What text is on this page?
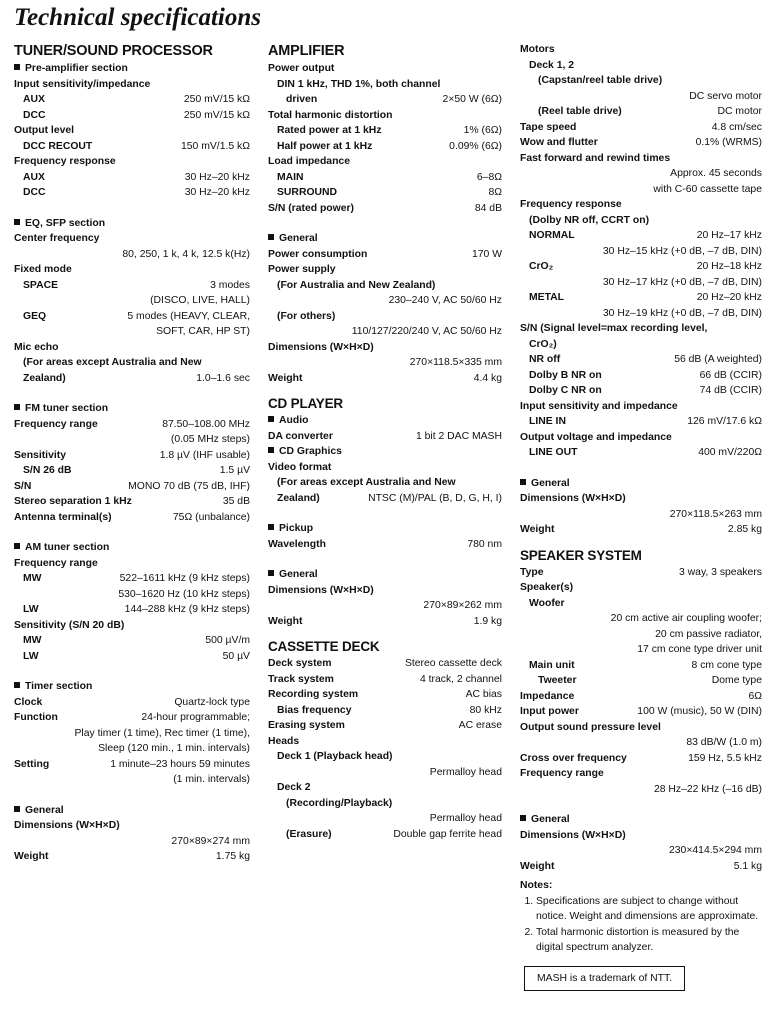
Technical specifications
TUNER/SOUND PROCESSOR
Pre-amplifier section
Input sensitivity/impedance
AUX	250 mV/15 kΩ
DCC	250 mV/15 kΩ
Output level
DCC RECOUT	150 mV/1.5 kΩ
Frequency response
AUX	30 Hz–20 kHz
DCC	30 Hz–20 kHz
EQ, SFP section
Center frequency
80, 250, 1 k, 4 k, 12.5 k(Hz)
Fixed mode
SPACE	3 modes
(DISCO, LIVE, HALL)
GEQ	5 modes (HEAVY, CLEAR,
SOFT, CAR, HP ST)
Mic echo
(For areas except Australia and New
Zealand)	1.0–1.6 sec
FM tuner section
Frequency range	87.50–108.00 MHz
(0.05 MHz steps)
Sensitivity	1.8 µV (IHF usable)
S/N 26 dB	1.5 µV
S/N	MONO 70 dB (75 dB, IHF)
Stereo separation 1 kHz	35 dB
Antenna terminal(s)	75Ω (unbalance)
AM tuner section
Frequency range
MW	522–1611 kHz (9 kHz steps)
530–1620 Hz (10 kHz steps)
LW	144–288 kHz (9 kHz steps)
Sensitivity (S/N 20 dB)
MW	500 µV/m
LW	50 µV
Timer section
Clock	Quartz-lock type
Function	24-hour programmable;
Play timer (1 time), Rec timer (1 time),
Sleep (120 min., 1 min. intervals)
Setting	1 minute–23 hours 59 minutes
(1 min. intervals)
General
Dimensions (W×H×D)
270×89×274 mm
Weight	1.75 kg
AMPLIFIER
Power output
DIN 1 kHz, THD 1%, both channel
driven	2×50 W (6Ω)
Total harmonic distortion
Rated power at 1 kHz	1% (6Ω)
Half power at 1 kHz	0.09% (6Ω)
Load impedance
MAIN	6–8Ω
SURROUND	8Ω
S/N (rated power)	84 dB
General
Power consumption	170 W
Power supply
(For Australia and New Zealand)
230–240 V, AC 50/60 Hz
(For others)
110/127/220/240 V, AC 50/60 Hz
Dimensions (W×H×D)
270×118.5×335 mm
Weight	4.4 kg
CD PLAYER
Audio
DA converter	1 bit 2 DAC MASH
CD Graphics
Video format
(For areas except Australia and New
Zealand)	NTSC (M)/PAL (B, D, G, H, I)
Pickup
Wavelength	780 nm
General
Dimensions (W×H×D)
270×89×262 mm
Weight	1.9 kg
CASSETTE DECK
Deck system	Stereo cassette deck
Track system	4 track, 2 channel
Recording system	AC bias
Bias frequency	80 kHz
Erasing system	AC erase
Heads
Deck 1 (Playback head)
Permalloy head
Deck 2
(Recording/Playback)
Permalloy head
(Erasure)	Double gap ferrite head
Motors
Deck 1, 2
(Capstan/reel table drive)
DC servo motor
(Reel table drive)	DC motor
Tape speed	4.8 cm/sec
Wow and flutter	0.1% (WRMS)
Fast forward and rewind times
Approx. 45 seconds
with C-60 cassette tape
Frequency response
(Dolby NR off, CCRT on)
NORMAL	20 Hz–17 kHz
30 Hz–15 kHz (+0 dB, –7 dB, DIN)
CrO₂	20 Hz–18 kHz
30 Hz–17 kHz (+0 dB, –7 dB, DIN)
METAL	20 Hz–20 kHz
30 Hz–19 kHz (+0 dB, –7 dB, DIN)
S/N (Signal level=max recording level,
CrO₂)
NR off	56 dB (A weighted)
Dolby B NR on	66 dB (CCIR)
Dolby C NR on	74 dB (CCIR)
Input sensitivity and impedance
LINE IN	126 mV/17.6 kΩ
Output voltage and impedance
LINE OUT	400 mV/220Ω
General
Dimensions (W×H×D)
270×118.5×263 mm
Weight	2.85 kg
SPEAKER SYSTEM
Type	3 way, 3 speakers
Speaker(s)
Woofer
20 cm active air coupling woofer;
20 cm passive radiator,
17 cm cone type driver unit
Main unit	8 cm cone type
Tweeter	Dome type
Impedance	6Ω
Input power	100 W (music), 50 W (DIN)
Output sound pressure level
83 dB/W (1.0 m)
Cross over frequency	159 Hz, 5.5 kHz
Frequency range
28 Hz–22 kHz (–16 dB)
General
Dimensions (W×H×D)
230×414.5×294 mm
Weight	5.1 kg
Notes:
1. Specifications are subject to change without notice. Weight and dimensions are approximate.
2. Total harmonic distortion is measured by the digital spectrum analyzer.
MASH is a trademark of NTT.
